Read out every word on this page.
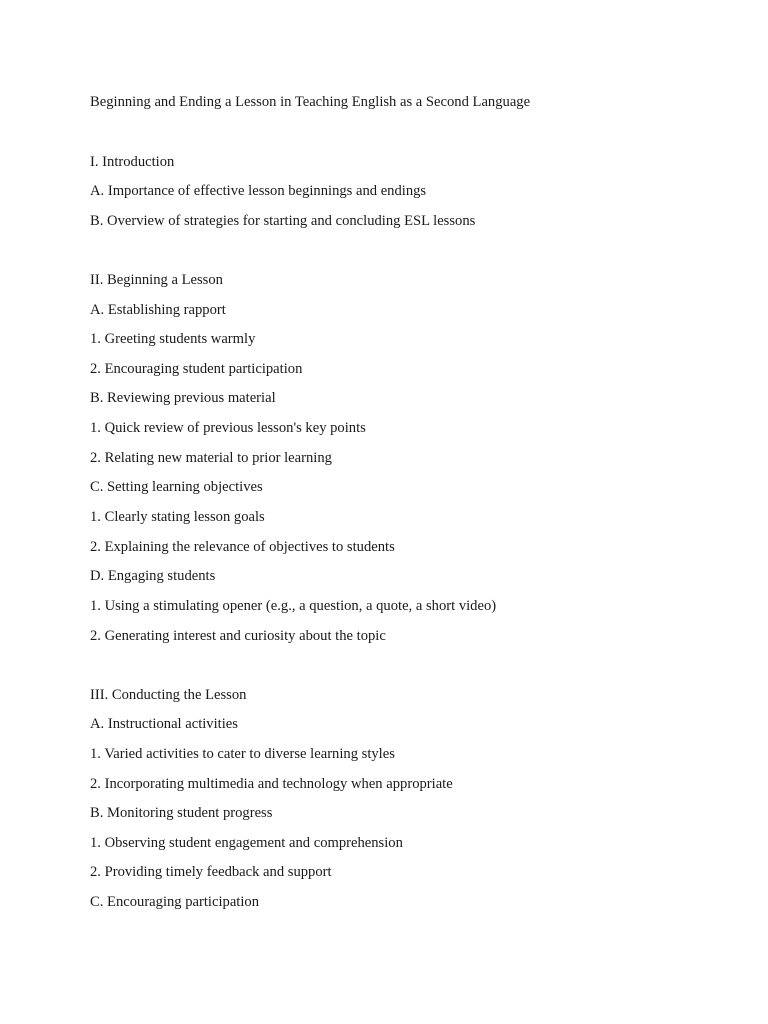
Beginning and Ending a Lesson in Teaching English as a Second Language
I. Introduction
A. Importance of effective lesson beginnings and endings
B. Overview of strategies for starting and concluding ESL lessons
II. Beginning a Lesson
A. Establishing rapport
1. Greeting students warmly
2. Encouraging student participation
B. Reviewing previous material
1. Quick review of previous lesson's key points
2. Relating new material to prior learning
C. Setting learning objectives
1. Clearly stating lesson goals
2. Explaining the relevance of objectives to students
D. Engaging students
1. Using a stimulating opener (e.g., a question, a quote, a short video)
2. Generating interest and curiosity about the topic
III. Conducting the Lesson
A. Instructional activities
1. Varied activities to cater to diverse learning styles
2. Incorporating multimedia and technology when appropriate
B. Monitoring student progress
1. Observing student engagement and comprehension
2. Providing timely feedback and support
C. Encouraging participation
